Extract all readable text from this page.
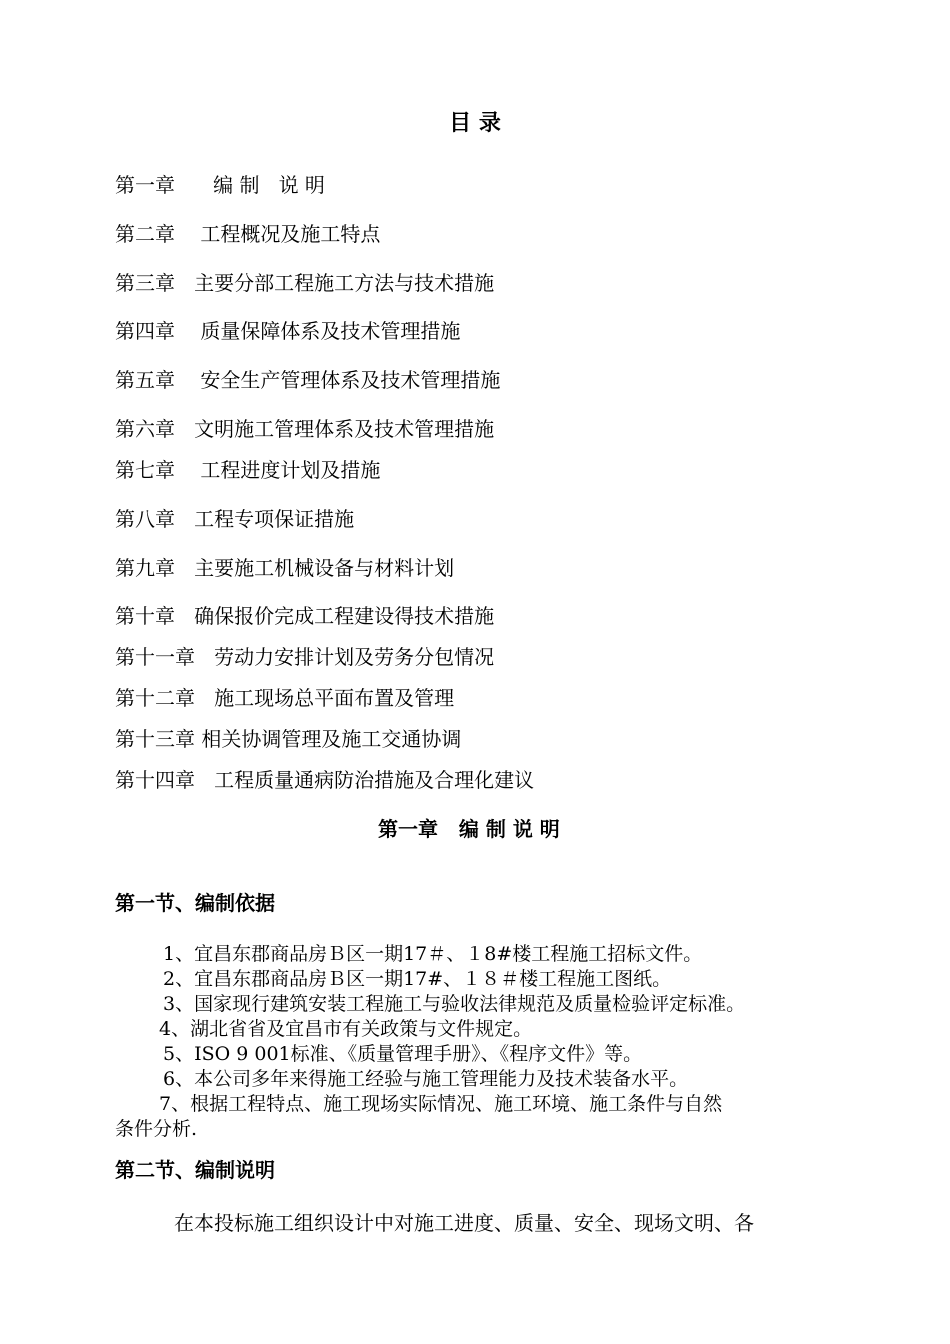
目 录
第一章      编 制   说 明
第二章    工程概况及施工特点
第三章   主要分部工程施工方法与技术措施
第四章    质量保障体系及技术管理措施
第五章    安全生产管理体系及技术管理措施
第六章   文明施工管理体系及技术管理措施
第七章    工程进度计划及措施
第八章   工程专项保证措施
第九章   主要施工机械设备与材料计划
第十章   确保报价完成工程建设得技术措施
第十一章   劳动力安排计划及劳务分包情况
第十二章   施工现场总平面布置及管理
第十三章 相关协调管理及施工交通协调
第十四章   工程质量通病防治措施及合理化建议
第一章   编 制 说 明
第一节、编制依据
1、宜昌东郡商品房Ｂ区一期17＃、１8#楼工程施工招标文件。
2、宜昌东郡商品房Ｂ区一期17#、１８＃楼工程施工图纸。
3、国家现行建筑安装工程施工与验收法律规范及质量检验评定标准。
4、湖北省省及宜昌市有关政策与文件规定。
5、ISO 9 001标准、《质量管理手册》、《程序文件》等。
6、本公司多年来得施工经验与施工管理能力及技术装备水平。
7、根据工程特点、施工现场实际情况、施工环境、施工条件与自然
条件分析.
第二节、编制说明
在本投标施工组织设计中对施工进度、质量、安全、现场文明、各
